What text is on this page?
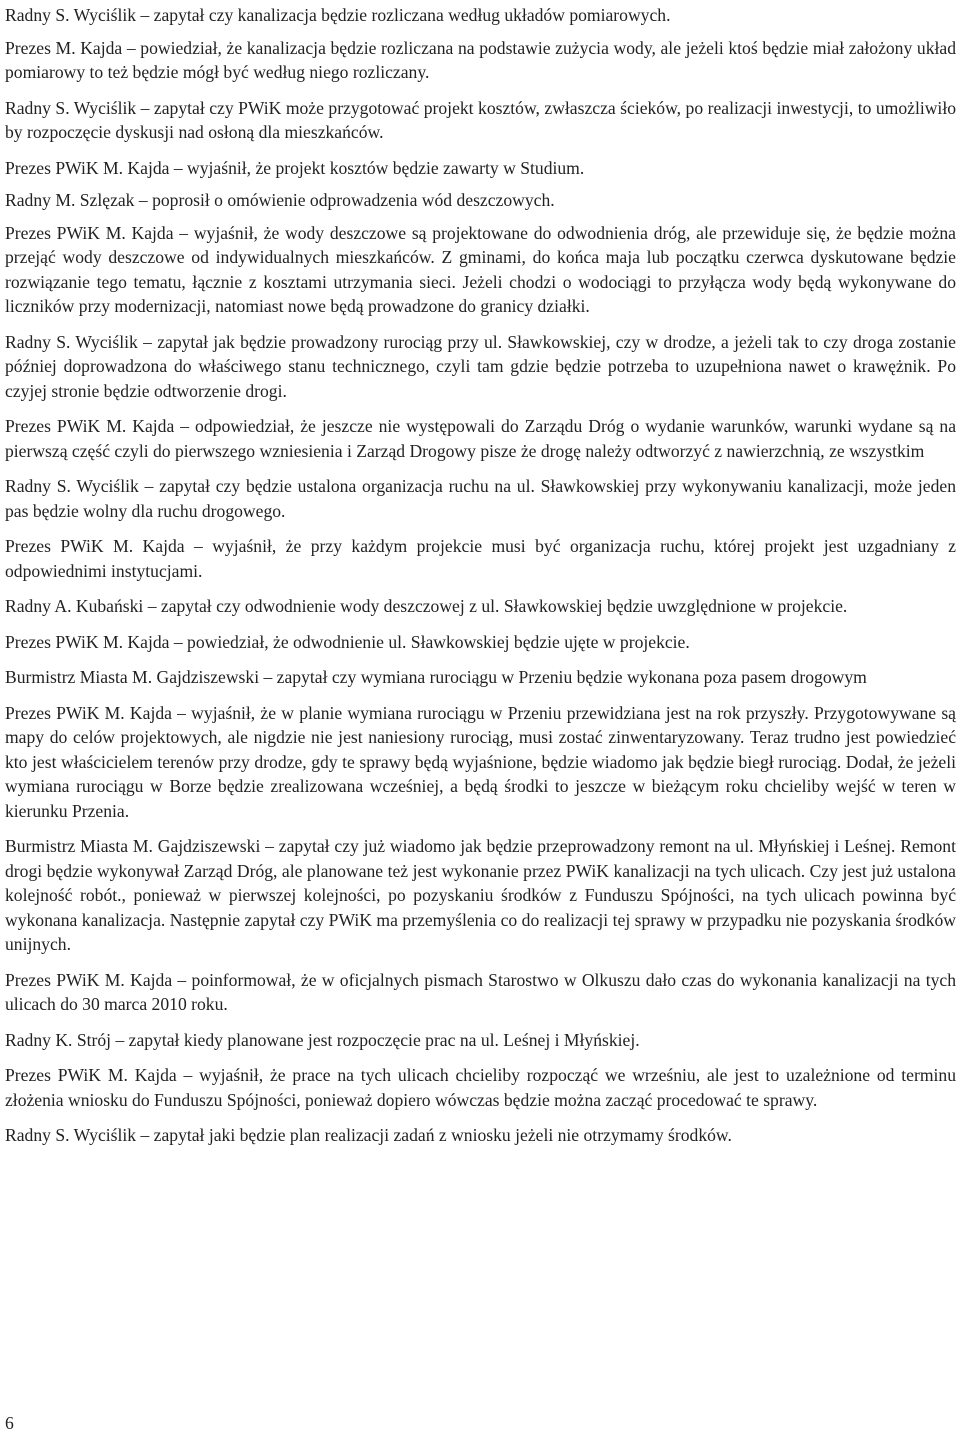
Radny S. Wyciślik – zapytał czy kanalizacja będzie rozliczana według układów pomiarowych.

Prezes M. Kajda – powiedział, że kanalizacja będzie rozliczana na podstawie zużycia wody, ale jeżeli ktoś będzie miał założony układ pomiarowy to też będzie mógł być według niego rozliczany.

Radny S. Wyciślik – zapytał czy PWiK może przygotować projekt kosztów, zwłaszcza ścieków, po realizacji inwestycji, to umożliwiło by rozpoczęcie dyskusji nad osłoną dla mieszkańców.

Prezes PWiK M. Kajda – wyjaśnił, że projekt kosztów będzie zawarty w Studium.

Radny M. Szlęzak – poprosił o omówienie odprowadzenia wód deszczowych.

Prezes PWiK M. Kajda – wyjaśnił, że wody deszczowe są projektowane do odwodnienia dróg, ale przewiduje się, że będzie można przejąć wody deszczowe od indywidualnych mieszkańców. Z gminami, do końca maja lub początku czerwca dyskutowane będzie rozwiązanie tego tematu, łącznie z kosztami utrzymania sieci. Jeżeli chodzi o wodociągi to przyłącza wody będą wykonywane do liczników przy modernizacji, natomiast nowe będą prowadzone do granicy działki.

Radny S. Wyciślik – zapytał jak będzie prowadzony rurociąg przy ul. Sławkowskiej, czy w drodze, a jeżeli tak to czy droga zostanie później doprowadzona do właściwego stanu technicznego, czyli tam gdzie będzie potrzeba to uzupełniona nawet o krawężnik. Po czyjej stronie będzie odtworzenie drogi.

Prezes PWiK M. Kajda – odpowiedział, że jeszcze nie występowali do Zarządu Dróg o wydanie warunków, warunki wydane są na pierwszą część czyli do pierwszego wzniesienia i Zarząd Drogowy pisze że drogę należy odtworzyć z nawierzchnią, ze wszystkim

Radny S. Wyciślik – zapytał czy będzie ustalona organizacja ruchu na ul. Sławkowskiej przy wykonywaniu kanalizacji, może jeden pas będzie wolny dla ruchu drogowego.

Prezes PWiK M. Kajda – wyjaśnił, że przy każdym projekcie musi być organizacja ruchu, której projekt jest uzgadniany z odpowiednimi instytucjami.

Radny A. Kubański – zapytał czy odwodnienie wody deszczowej z ul. Sławkowskiej będzie uwzględnione w projekcie.

Prezes PWiK M. Kajda – powiedział, że odwodnienie ul. Sławkowskiej będzie ujęte w projekcie.

Burmistrz Miasta M. Gajdziszewski – zapytał czy wymiana rurociągu w Przeniu będzie wykonana poza pasem drogowym

Prezes PWiK M. Kajda – wyjaśnił, że w planie wymiana rurociągu w Przeniu przewidziana jest na rok przyszły. Przygotowywane są mapy do celów projektowych, ale nigdzie nie jest naniesiony rurociąg, musi zostać zinwentaryzowany. Teraz trudno jest powiedzieć kto jest właścicielem terenów przy drodze, gdy te sprawy będą wyjaśnione, będzie wiadomo jak będzie biegł rurociąg. Dodał, że jeżeli wymiana rurociągu w Borze będzie zrealizowana wcześniej, a będą środki to jeszcze w bieżącym roku chcieliby wejść w teren w kierunku Przenia.

Burmistrz Miasta M. Gajdziszewski – zapytał czy już wiadomo jak będzie przeprowadzony remont na ul. Młyńskiej i Leśnej. Remont drogi będzie wykonywał Zarząd Dróg, ale planowane też jest wykonanie przez PWiK kanalizacji na tych ulicach. Czy jest już ustalona kolejność robót., ponieważ w pierwszej kolejności, po pozyskaniu środków z Funduszu Spójności, na tych ulicach powinna być wykonana kanalizacja. Następnie zapytał czy PWiK ma przemyślenia co do realizacji tej sprawy w przypadku nie pozyskania środków unijnych.

Prezes PWiK M. Kajda – poinformował, że w oficjalnych pismach Starostwo w Olkuszu dało czas do wykonania kanalizacji na tych ulicach do 30 marca 2010 roku.

Radny K. Strój – zapytał kiedy planowane jest rozpoczęcie prac na ul. Leśnej i Młyńskiej.

Prezes PWiK M. Kajda – wyjaśnił, że prace na tych ulicach chcieliby rozpocząć we wrześniu, ale jest to uzależnione od terminu złożenia wniosku do Funduszu Spójności, ponieważ dopiero wówczas będzie można zacząć procedować te sprawy.

Radny S. Wyciślik – zapytał jaki będzie plan realizacji zadań z wniosku jeżeli nie otrzymamy środków.

6
